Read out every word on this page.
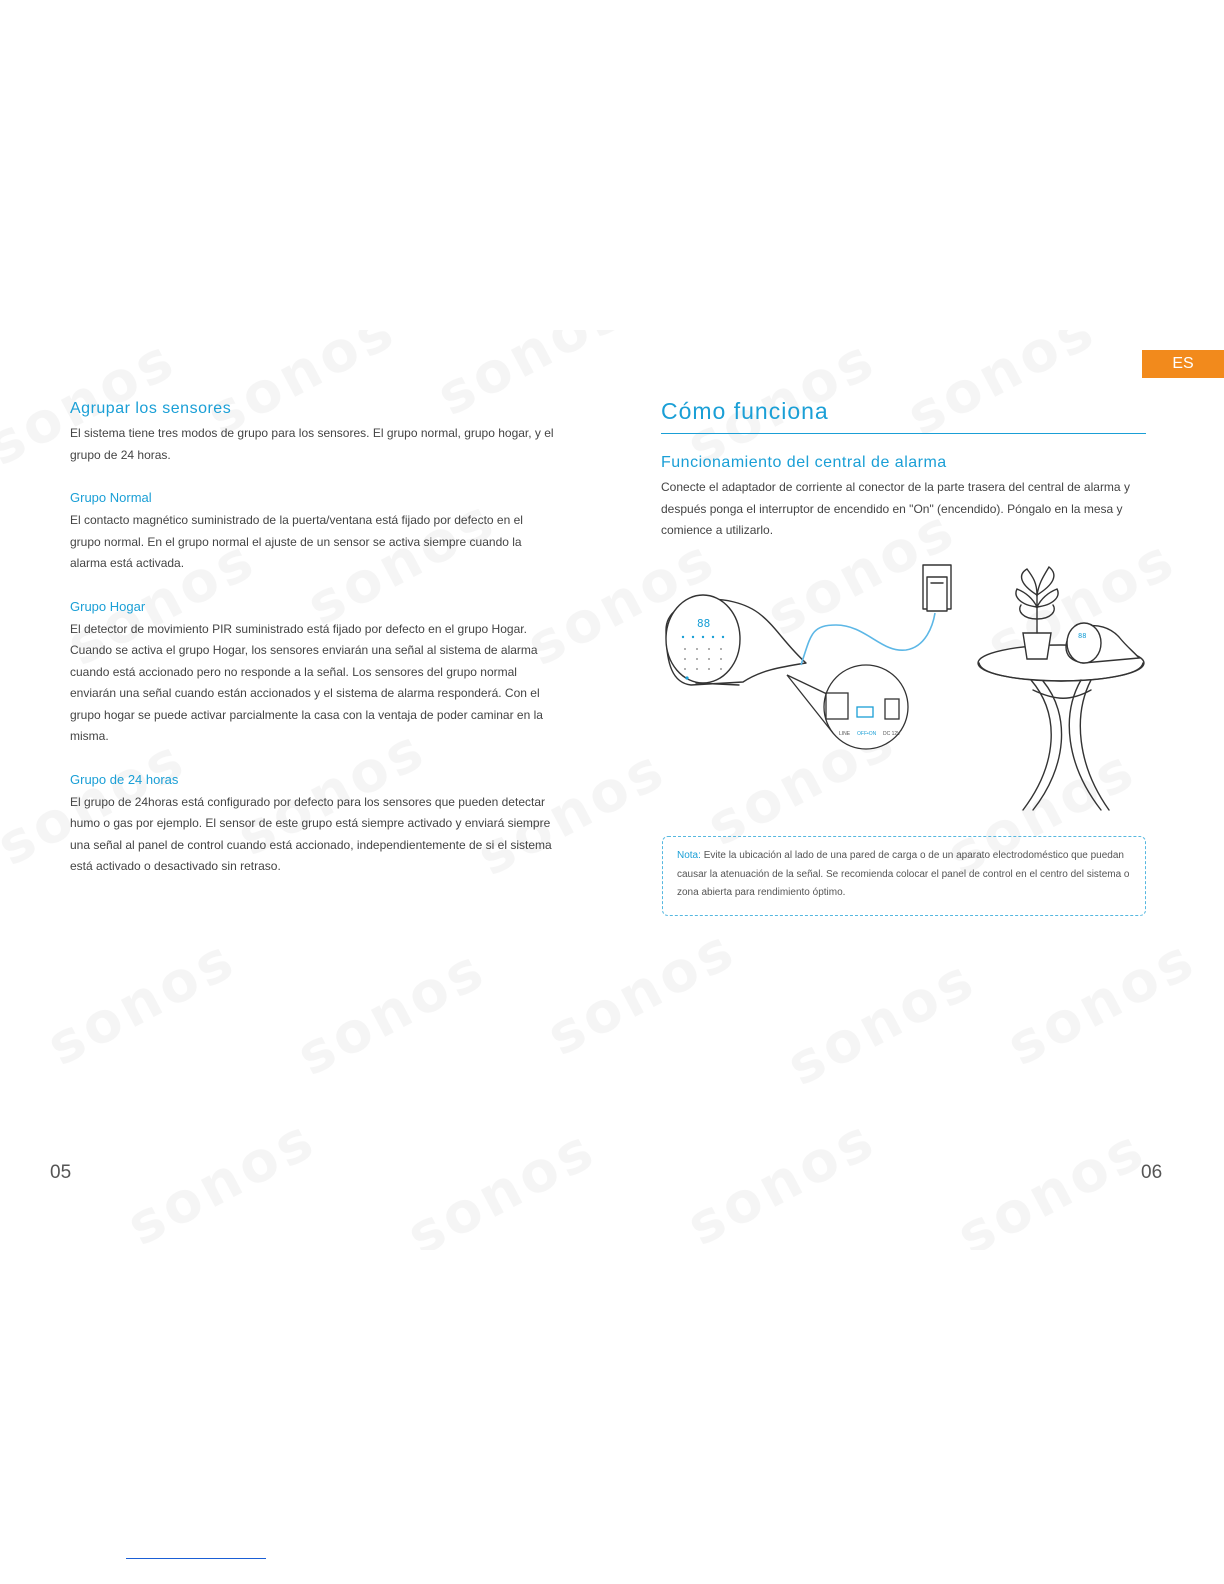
ES
Agrupar los sensores

El sistema tiene tres modos de grupo para los sensores. El grupo normal, grupo hogar, y el grupo de 24 horas.

Grupo Normal

El contacto magnético suministrado de la puerta/ventana está fijado por defecto en el grupo normal. En el grupo normal el ajuste de un sensor se activa siempre cuando la alarma está activada.

Grupo Hogar

El detector de movimiento PIR suministrado está fijado por defecto en el grupo Hogar. Cuando se activa el grupo Hogar, los sensores enviarán una señal al sistema de alarma cuando está accionado pero no responde a la señal. Los sensores del grupo normal enviarán una señal cuando están accionados y el sistema de alarma responderá. Con el grupo hogar se puede activar parcialmente la casa con la ventaja de poder caminar en la misma.

Grupo de 24 horas

El grupo de 24horas está configurado por defecto para los sensores que pueden detectar humo o gas por ejemplo. El sensor de este grupo está siempre activado y enviará siempre una señal al panel de control cuando está accionado, independientemente de si el sistema está activado o desactivado sin retraso.

Cómo funciona
Funcionamiento del central de alarma

Conecte el adaptador de corriente al conector de la parte trasera del central de alarma y después ponga el interruptor de encendido en "On" (encendido). Póngalo en la mesa y comience a utilizarlo.

88
LINE OFF•ON DC 12V
88
Nota: Evite la ubicación al lado de una pared de carga o de un aparato electrodoméstico que puedan causar la atenuación de la señal. Se recomienda colocar el panel de control en el centro del sistema o zona abierta para rendimiento óptimo.
05	06
